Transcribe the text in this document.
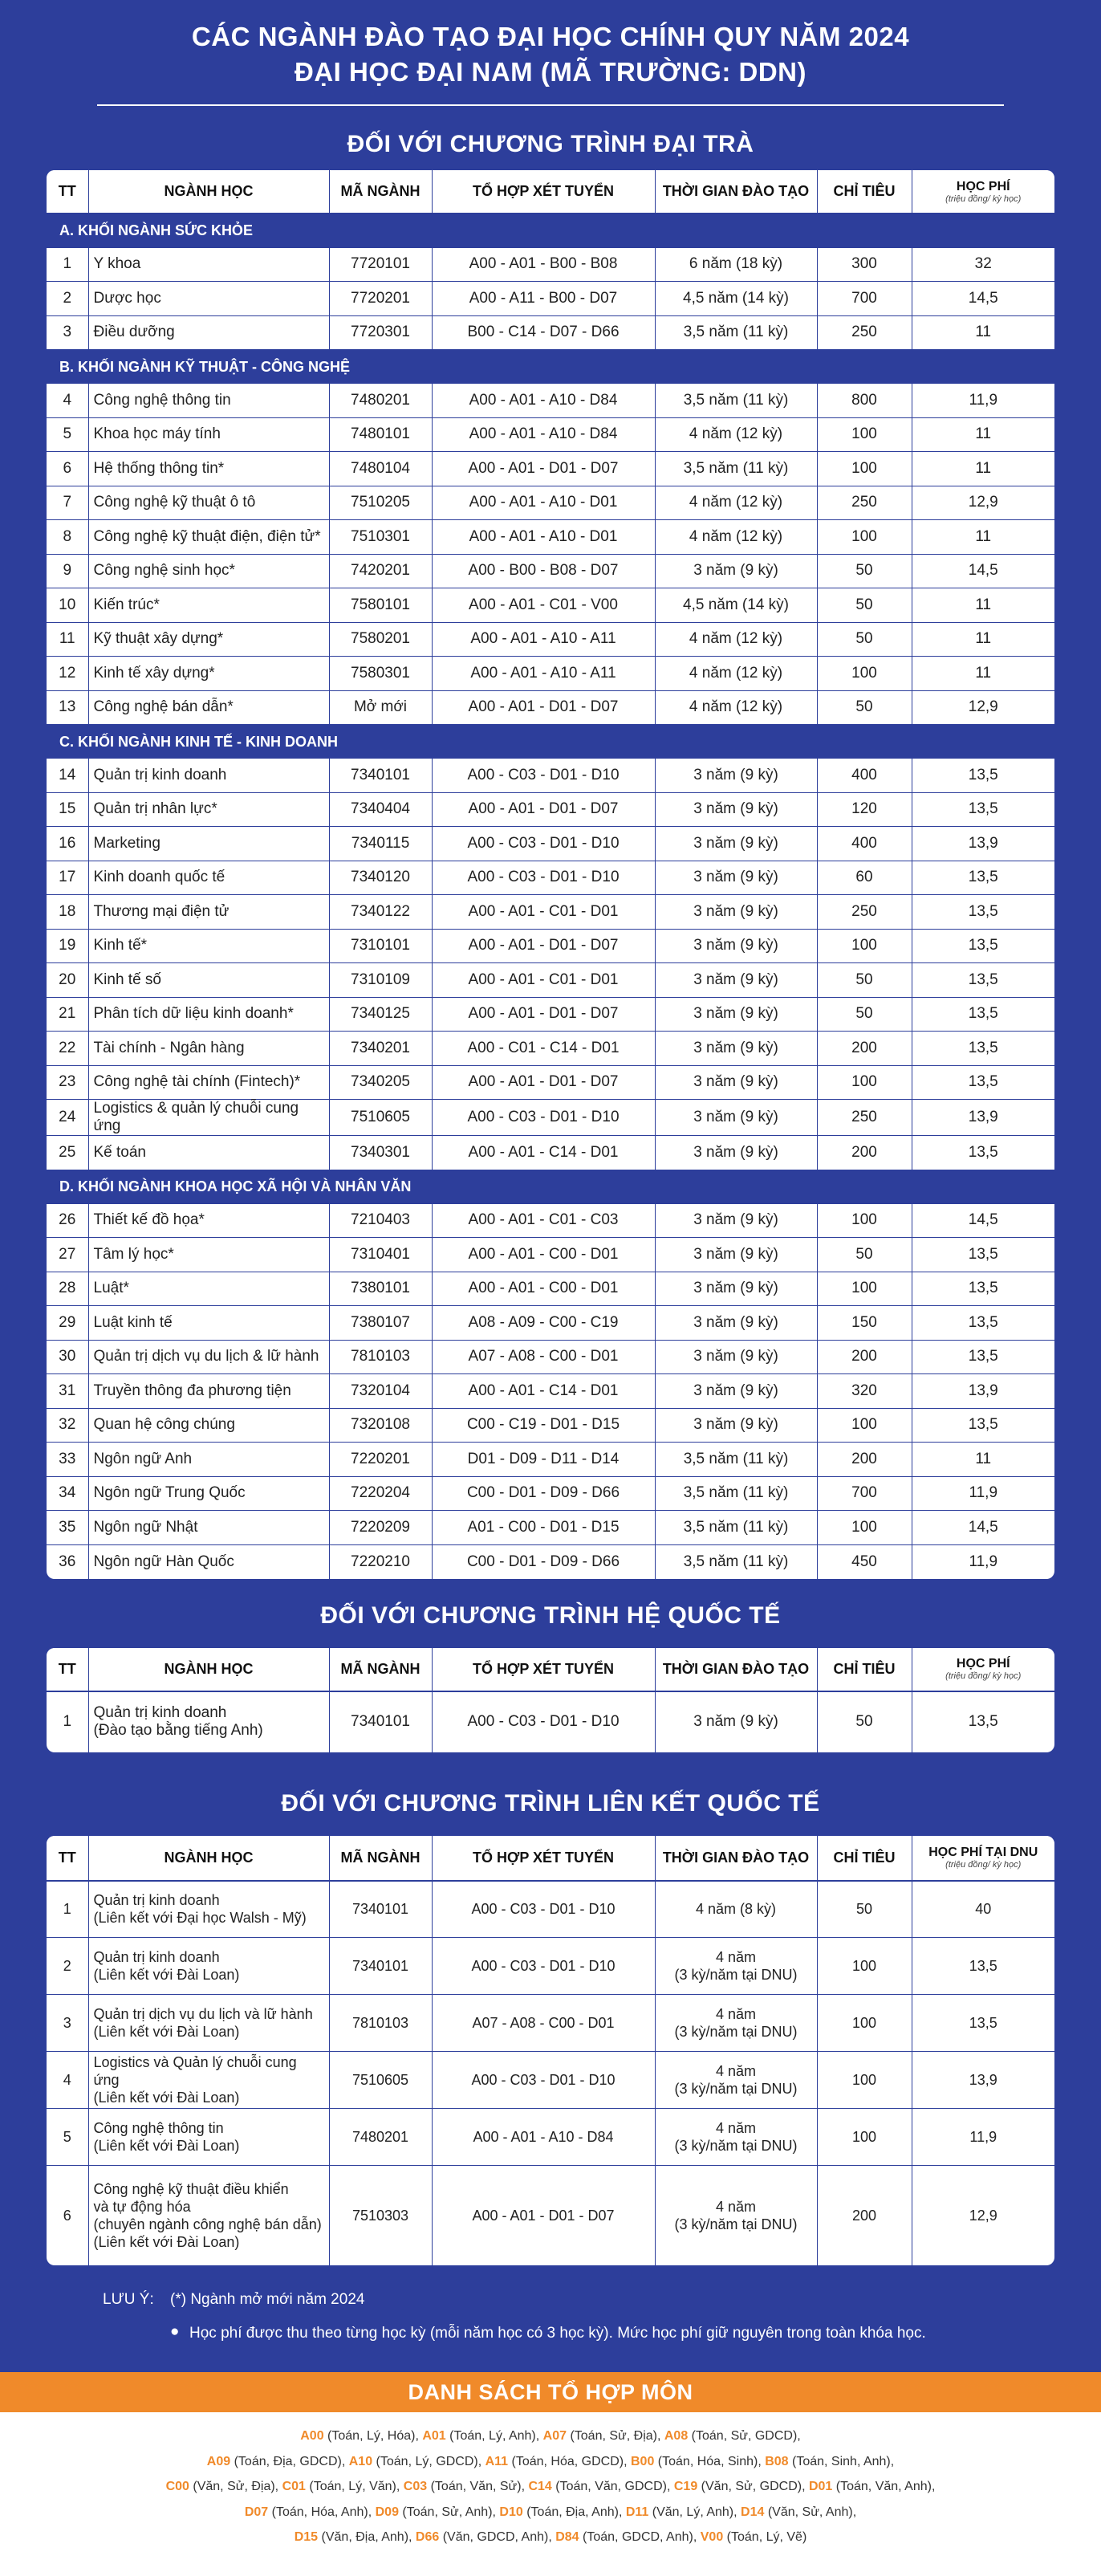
CÁC NGÀNH ĐÀO TẠO ĐẠI HỌC CHÍNH QUY NĂM 2024
ĐẠI HỌC ĐẠI NAM (MÃ TRƯỜNG: DDN)
ĐỐI VỚI CHƯƠNG TRÌNH ĐẠI TRÀ
TT	NGÀNH HỌC	MÃ NGÀNH	TỔ HỢP XÉT TUYỂN	THỜI GIAN ĐÀO TẠO	CHỈ TIÊU	HỌC PHÍ
(triệu đồng/ kỳ học)

A. KHỐI NGÀNH SỨC KHỎE						

1	Y khoa	7720101	A00 - A01 - B00 - B08	6 năm (18 kỳ)	300	32

2	Dược học	7720201	A00 - A11 - B00 - D07	4,5 năm (14 kỳ)	700	14,5

3	Điều dưỡng	7720301	B00 - C14 - D07 - D66	3,5 năm (11 kỳ)	250	11

B. KHỐI NGÀNH KỸ THUẬT - CÔNG NGHỆ						

4	Công nghệ thông tin	7480201	A00 - A01 - A10 - D84	3,5 năm (11 kỳ)	800	11,9

5	Khoa học máy tính	7480101	A00 - A01 - A10 - D84	4 năm (12 kỳ)	100	11

6	Hệ thống thông tin*	7480104	A00 - A01 - D01 - D07	3,5 năm (11 kỳ)	100	11

7	Công nghệ kỹ thuật ô tô	7510205	A00 - A01 - A10 - D01	4 năm (12 kỳ)	250	12,9

8	Công nghệ kỹ thuật điện, điện tử*	7510301	A00 - A01 - A10 - D01	4 năm (12 kỳ)	100	11

9	Công nghệ sinh học*	7420201	A00 - B00 - B08 - D07	3 năm (9 kỳ)	50	14,5

10	Kiến trúc*	7580101	A00 - A01 - C01 - V00	4,5 năm (14 kỳ)	50	11

11	Kỹ thuật xây dựng*	7580201	A00 - A01 - A10 - A11	4 năm (12 kỳ)	50	11

12	Kinh tế xây dựng*	7580301	A00 - A01 - A10 - A11	4 năm (12 kỳ)	100	11

13	Công nghệ bán dẫn*	Mở mới	A00 - A01 - D01 - D07	4 năm (12 kỳ)	50	12,9

C. KHỐI NGÀNH KINH TẾ - KINH DOANH						

14	Quản trị kinh doanh	7340101	A00 - C03 - D01 - D10	3 năm (9 kỳ)	400	13,5

15	Quản trị nhân lực*	7340404	A00 - A01 - D01 - D07	3 năm (9 kỳ)	120	13,5

16	Marketing	7340115	A00 - C03 - D01 - D10	3 năm (9 kỳ)	400	13,9

17	Kinh doanh quốc tế	7340120	A00 - C03 - D01 - D10	3 năm (9 kỳ)	60	13,5

18	Thương mại điện tử	7340122	A00 - A01 - C01 - D01	3 năm (9 kỳ)	250	13,5

19	Kinh tế*	7310101	A00 - A01 - D01 - D07	3 năm (9 kỳ)	100	13,5

20	Kinh tế số	7310109	A00 - A01 - C01 - D01	3 năm (9 kỳ)	50	13,5

21	Phân tích dữ liệu kinh doanh*	7340125	A00 - A01 - D01 - D07	3 năm (9 kỳ)	50	13,5

22	Tài chính - Ngân hàng	7340201	A00 - C01 - C14 - D01	3 năm (9 kỳ)	200	13,5

23	Công nghệ tài chính (Fintech)*	7340205	A00 - A01 - D01 - D07	3 năm (9 kỳ)	100	13,5

24	Logistics & quản lý chuỗi cung ứng	7510605	A00 - C03 - D01 - D10	3 năm (9 kỳ)	250	13,9

25	Kế toán	7340301	A00 - A01 - C14 - D01	3 năm (9 kỳ)	200	13,5

D. KHỐI NGÀNH KHOA HỌC XÃ HỘI VÀ NHÂN VĂN						

26	Thiết kế đồ họa*	7210403	A00 - A01 - C01 - C03	3 năm (9 kỳ)	100	14,5

27	Tâm lý học*	7310401	A00 - A01 - C00 - D01	3 năm (9 kỳ)	50	13,5

28	Luật*	7380101	A00 - A01 - C00 - D01	3 năm (9 kỳ)	100	13,5

29	Luật kinh tế	7380107	A08 - A09 - C00 - C19	3 năm (9 kỳ)	150	13,5

30	Quản trị dịch vụ du lịch & lữ hành	7810103	A07 - A08 - C00 - D01	3 năm (9 kỳ)	200	13,5

31	Truyền thông đa phương tiện	7320104	A00 - A01 - C14 - D01	3 năm (9 kỳ)	320	13,9

32	Quan hệ công chúng	7320108	C00 - C19 - D01 - D15	3 năm (9 kỳ)	100	13,5

33	Ngôn ngữ Anh	7220201	D01 - D09 - D11 - D14	3,5 năm (11 kỳ)	200	11

34	Ngôn ngữ Trung Quốc	7220204	C00 - D01 - D09 - D66	3,5 năm (11 kỳ)	700	11,9

35	Ngôn ngữ Nhật	7220209	A01 - C00 - D01 - D15	3,5 năm (11 kỳ)	100	14,5

36	Ngôn ngữ Hàn Quốc	7220210	C00 - D01 - D09 - D66	3,5 năm (11 kỳ)	450	11,9
ĐỐI VỚI CHƯƠNG TRÌNH HỆ QUỐC TẾ
TT	NGÀNH HỌC	MÃ NGÀNH	TỔ HỢP XÉT TUYỂN	THỜI GIAN ĐÀO TẠO	CHỈ TIÊU	HỌC PHÍ
(triệu đồng/ kỳ học)

1	Quản trị kinh doanh
(Đào tạo bằng tiếng Anh)	7340101	A00 - C03 - D01 - D10	3 năm (9 kỳ)	50	13,5
ĐỐI VỚI CHƯƠNG TRÌNH LIÊN KẾT QUỐC TẾ
TT	NGÀNH HỌC	MÃ NGÀNH	TỔ HỢP XÉT TUYỂN	THỜI GIAN ĐÀO TẠO	CHỈ TIÊU	HỌC PHÍ TẠI DNU
(triệu đồng/ kỳ học)

1	Quản trị kinh doanh
(Liên kết với Đại học Walsh - Mỹ)	7340101	A00 - C03 - D01 - D10	4 năm (8 kỳ)	50	40

2	Quản trị kinh doanh
(Liên kết với Đài Loan)	7340101	A00 - C03 - D01 - D10	4 năm
(3 kỳ/năm tại DNU)	100	13,5

3	Quản trị dịch vụ du lịch và lữ hành
(Liên kết với Đài Loan)	7810103	A07 - A08 - C00 - D01	4 năm
(3 kỳ/năm tại DNU)	100	13,5

4	Logistics và Quản lý chuỗi cung ứng
(Liên kết với Đài Loan)	7510605	A00 - C03 - D01 - D10	4 năm
(3 kỳ/năm tại DNU)	100	13,9

5	Công nghệ thông tin
(Liên kết với Đài Loan)	7480201	A00 - A01 - A10 - D84	4 năm
(3 kỳ/năm tại DNU)	100	11,9

6	Công nghệ kỹ thuật điều khiển
và tự động hóa
(chuyên ngành công nghệ bán dẫn)
(Liên kết với Đài Loan)	7510303	A00 - A01 - D01 - D07	4 năm
(3 kỳ/năm tại DNU)	200	12,9
LƯU Ý: (*) Ngành mở mới năm 2024
● Học phí được thu theo từng học kỳ (mỗi năm học có 3 học kỳ). Mức học phí giữ nguyên trong toàn khóa học.
DANH SÁCH TỔ HỢP MÔN
A00 (Toán, Lý, Hóa), A01 (Toán, Lý, Anh), A07 (Toán, Sử, Địa), A08 (Toán, Sử, GDCD),
A09 (Toán, Địa, GDCD), A10 (Toán, Lý, GDCD), A11 (Toán, Hóa, GDCD), B00 (Toán, Hóa, Sinh), B08 (Toán, Sinh, Anh),
C00 (Văn, Sử, Địa), C01 (Toán, Lý, Văn), C03 (Toán, Văn, Sử), C14 (Toán, Văn, GDCD), C19 (Văn, Sử, GDCD), D01 (Toán, Văn, Anh),
D07 (Toán, Hóa, Anh), D09 (Toán, Sử, Anh), D10 (Toán, Địa, Anh), D11 (Văn, Lý, Anh), D14 (Văn, Sử, Anh),
D15 (Văn, Địa, Anh), D66 (Văn, GDCD, Anh), D84 (Toán, GDCD, Anh), V00 (Toán, Lý, Vẽ)
